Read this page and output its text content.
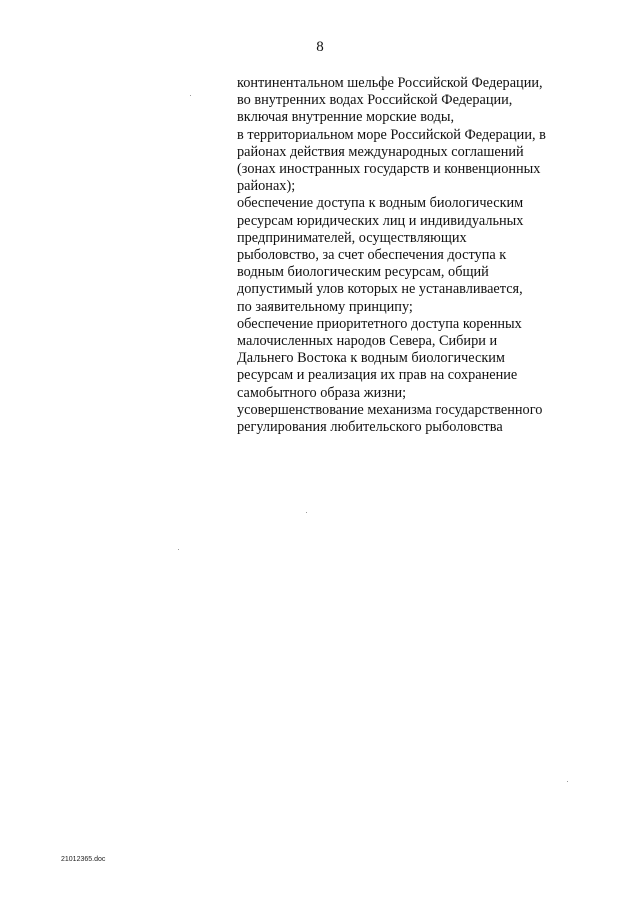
8
континентальном шельфе Российской Федерации,
во внутренних водах Российской Федерации,
включая внутренние морские воды,
в территориальном море Российской Федерации, в
районах действия международных соглашений
(зонах иностранных государств и конвенционных
районах);
обеспечение доступа к водным биологическим
ресурсам юридических лиц и индивидуальных
предпринимателей, осуществляющих
рыболовство, за счет обеспечения доступа к
водным биологическим ресурсам, общий
допустимый улов которых не устанавливается,
по заявительному принципу;
обеспечение приоритетного доступа коренных
малочисленных народов Севера, Сибири и
Дальнего Востока к водным биологическим
ресурсам и реализация их прав на сохранение
самобытного образа жизни;
усовершенствование механизма государственного
регулирования любительского рыболовства
21012365.doc
